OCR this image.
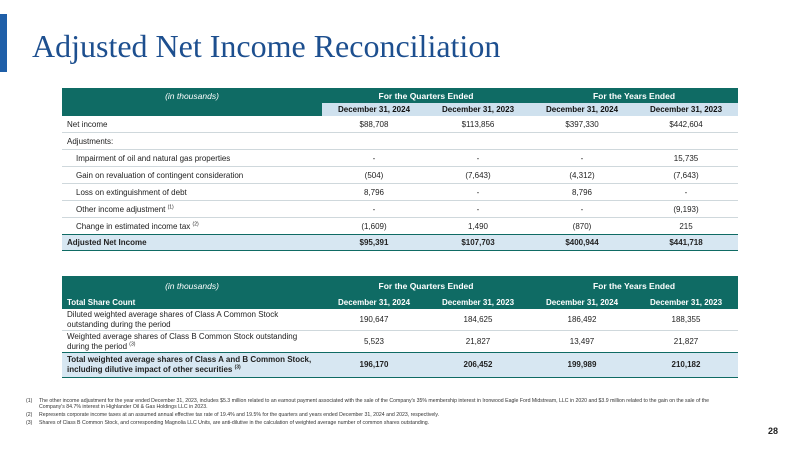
Adjusted Net Income Reconciliation
(in thousands)	For the Quarters Ended		For the Years Ended	
	December 31, 2024	December 31, 2023	December 31, 2024	December 31, 2023
Net income	$88,708	$113,856	$397,330	$442,604
Adjustments:				
Impairment of oil and natural gas properties	-	-	-	15,735
Gain on revaluation of contingent consideration	(504)	(7,643)	(4,312)	(7,643)
Loss on extinguishment of debt	8,796	-	8,796	-
Other income adjustment $^{(1)}$	-	-	-	(9,193)
Change in estimated income tax $^{(2)}$	(1,609)	1,490	(870)	215
Adjusted Net Income	$95,391	$107,703	$400,944	$441,718
(in thousands)	For the Quarters Ended		For the Years Ended	
Total Share Count	December 31, 2024	December 31, 2023	December 31, 2024	December 31, 2023
Diluted weighted average shares of Class A Common Stock outstanding during the period	190,647	184,625	186,492	188,355
Weighted average shares of Class B Common Stock outstanding during the period $^{(3)}$	5,523	21,827	13,497	21,827
Total weighted average shares of Class A and B Common Stock, including dilutive impact of other securities $^{(3)}$	196,170	206,452	199,989	210,182
(1)	The other income adjustment for the year ended December 31, 2023, includes $5.3 million related to an earnout payment associated with the sale of the Company's 35% membership interest in Ironwood Eagle Ford Midstream, LLC in 2020 and $3.9 million related to the gain on the sale of the Company's 84.7% interest in Highlander Oil & Gas Holdings LLC in 2023.
(2)	Represents corporate income taxes at an assumed annual effective tax rate of 19.4% and 19.5% for the quarters and years ended December 31, 2024 and 2023, respectively.
(3)	Shares of Class B Common Stock, and corresponding Magnolia LLC Units, are anti-dilutive in the calculation of weighted average number of common shares outstanding.
28
